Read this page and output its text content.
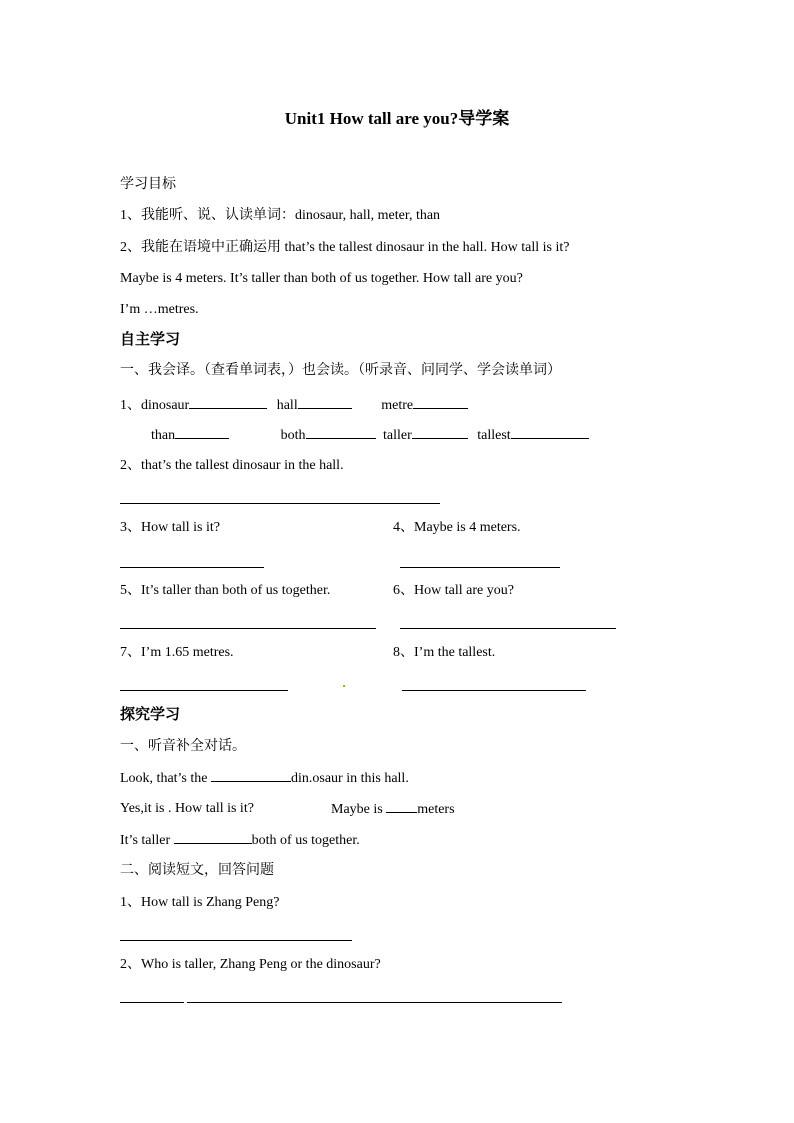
Unit1 How tall are you?导学案
学习目标
1、我能听、说、认读单词：dinosaur, hall, meter, than
2、我能在语境中正确运用 that’s the tallest dinosaur in the hall. How tall is it?
Maybe is 4 meters. It’s taller than both of us together. How tall are you?
I’m …metres.
自主学习
一、我会译。（查看单词表，）也会读。（听录音、问同学、学会读单词）
1、dinosaur	hall	metre
than	both	taller	tallest
2、that’s the tallest dinosaur in the hall.
3、How tall is it?	4、Maybe is 4 meters.
5、It’s taller than both of us together.	6、How tall are you?
7、I’m 1.65 metres.	8、I’m the tallest.
探究学习
一、听音补全对话。
Look, that’s the	din.osaur in this hall.
Yes,it is . How tall is it?	Maybe is meters
It’s taller	both of us together.
二、阅读短文，回答问题
1、How tall is Zhang Peng?
2、Who is taller, Zhang Peng or the dinosaur?
